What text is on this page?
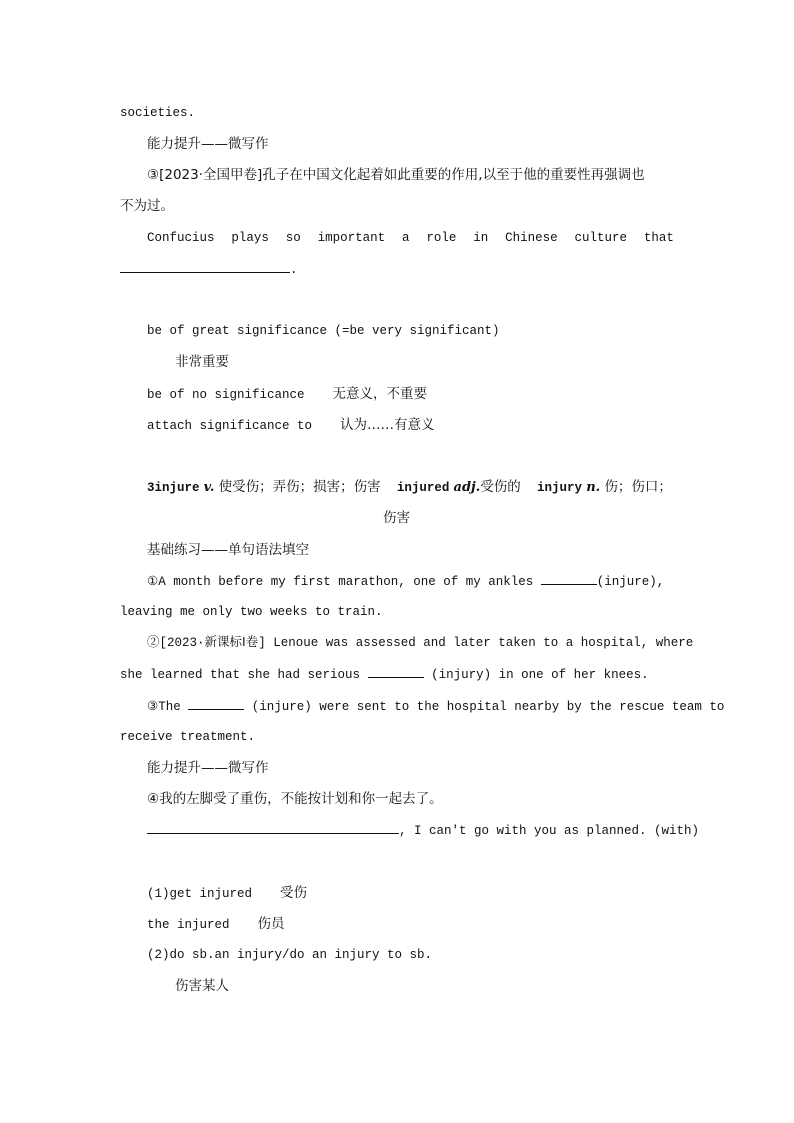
societies.
能力提升——微写作
③[2023·全国甲卷]孔子在中国文化起着如此重要的作用,以至于他的重要性再强调也
不为过。
Confucius plays so important a role in Chinese culture that
.
be of great significance (=be very significant)
非常重要
be of no significance 无意义，不重要
attach significance to 认为……有意义
3injure v. 使受伤；弄伤；损害；伤害 injured adj.受伤的 injury n. 伤；伤口；
伤害
基础练习——单句语法填空
①A month before my first marathon, one of my ankles	(injure),
leaving me only two weeks to train.
②[2023·新课标Ⅰ卷] Lenoue was assessed and later taken to a hospital, where
she learned that she had serious	(injury) in one of her knees.
③The	(injure) were sent to the hospital nearby by the rescue team to
receive treatment.
能力提升——微写作
④我的左脚受了重伤，不能按计划和你一起去了。
, I can't go with you as planned. (with)
(1)get injured 受伤
the injured 伤员
(2)do sb.an injury/do an injury to sb.
伤害某人
